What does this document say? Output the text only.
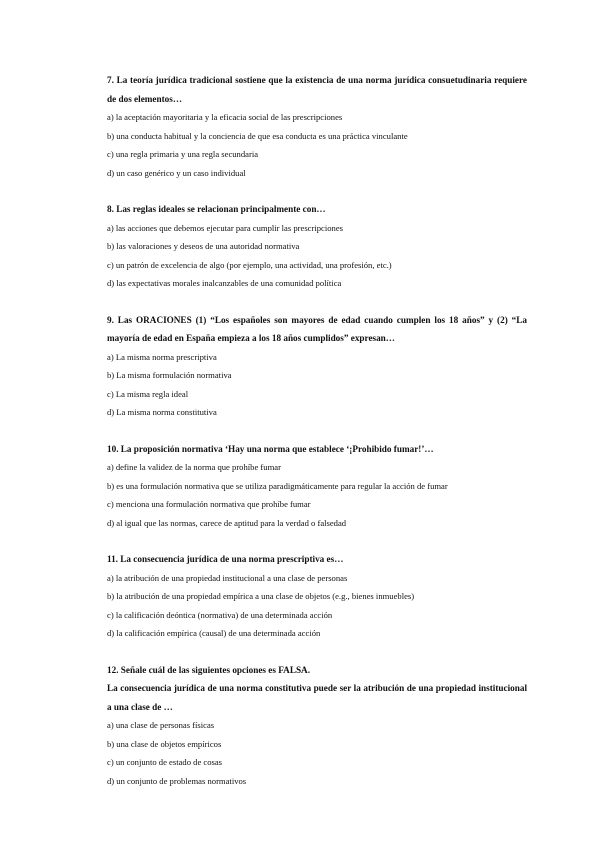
7. La teoría jurídica tradicional sostiene que la existencia de una norma jurídica consuetudinaria requiere de dos elementos…
a) la aceptación mayoritaria y la eficacia social de las prescripciones
b) una conducta habitual y la conciencia de que esa conducta es una práctica vinculante
c) una regla primaria y una regla secundaria
d) un caso genérico y un caso individual
8. Las reglas ideales se relacionan principalmente con…
a) las acciones que debemos ejecutar para cumplir las prescripciones
b) las valoraciones y deseos de una autoridad normativa
c) un patrón de excelencia de algo (por ejemplo, una actividad, una profesión, etc.)
d) las expectativas morales inalcanzables de una comunidad política
9. Las ORACIONES (1) “Los españoles son mayores de edad cuando cumplen los 18 años” y (2) “La mayoría de edad en España empieza a los 18 años cumplidos” expresan…
a) La misma norma prescriptiva
b) La misma formulación normativa
c) La misma regla ideal
d) La misma norma constitutiva
10. La proposición normativa ‘Hay una norma que establece ‘¡Prohibido fumar!’…
a) define la validez de la norma que prohíbe fumar
b) es una formulación normativa que se utiliza paradigmáticamente para regular la acción de fumar
c) menciona una formulación normativa que prohíbe fumar
d) al igual que las normas, carece de aptitud para la verdad o falsedad
11. La consecuencia jurídica de una norma prescriptiva es…
a) la atribución de una propiedad institucional a una clase de personas
b) la atribución de una propiedad empírica a una clase de objetos (e.g., bienes inmuebles)
c) la calificación deóntica (normativa) de una determinada acción
d) la calificación empírica (causal) de una determinada acción
12. Señale cuál de las siguientes opciones es FALSA.
La consecuencia jurídica de una norma constitutiva puede ser la atribución de una propiedad institucional a una clase de …
a) una clase de personas físicas
b) una clase de objetos empíricos
c) un conjunto de estado de cosas
d) un conjunto de problemas normativos
